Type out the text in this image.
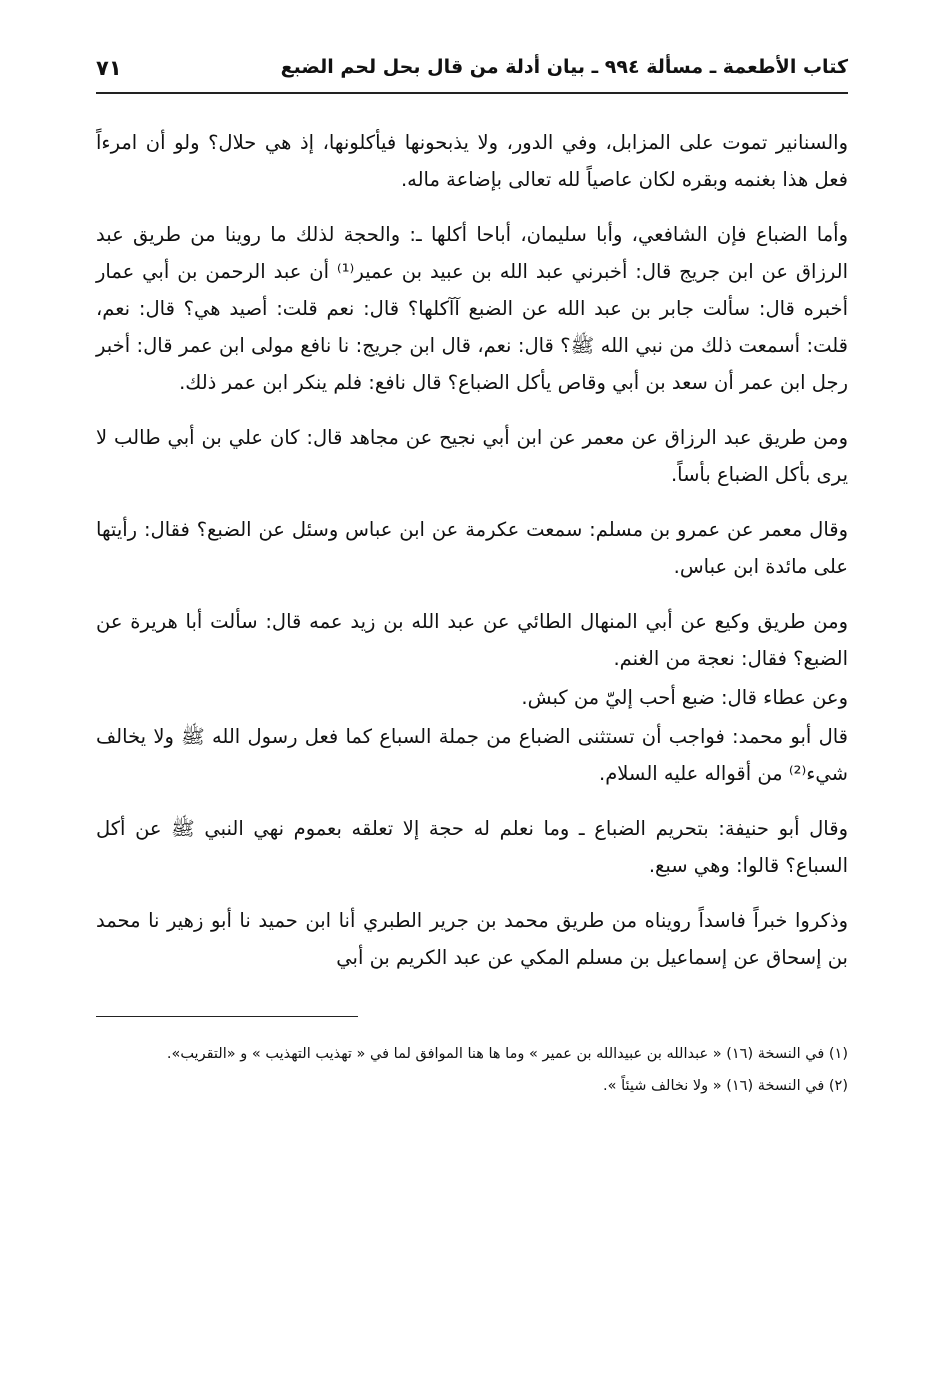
كتاب الأطعمة ـ مسألة ٩٩٤ ـ بيان أدلة من قال بحل لحم الضبع
٧١

والسنانير تموت على المزابل، وفي الدور، ولا يذبحونها فيأكلونها، إذ هي حلال؟ ولو أن امرءاً فعل هذا بغنمه وبقره لكان عاصياً لله تعالى بإضاعة ماله.

وأما الضباع فإن الشافعي، وأبا سليمان، أباحا أكلها ـ: والحجة لذلك ما روينا من طريق عبد الرزاق عن ابن جريج قال: أخبرني عبد الله بن عبيد بن عمير⁽¹⁾ أن عبد الرحمن بن أبي عمار أخبره قال: سألت جابر بن عبد الله عن الضبع آآكلها؟ قال: نعم قلت: أصيد هي؟ قال: نعم، قلت: أسمعت ذلك من نبي الله ﷺ؟ قال: نعم، قال ابن جريج: نا نافع مولى ابن عمر قال: أخبر رجل ابن عمر أن سعد بن أبي وقاص يأكل الضباع؟ قال نافع: فلم ينكر ابن عمر ذلك.

ومن طريق عبد الرزاق عن معمر عن ابن أبي نجيح عن مجاهد قال: كان علي بن أبي طالب لا يرى بأكل الضباع بأساً.

وقال معمر عن عمرو بن مسلم: سمعت عكرمة عن ابن عباس وسئل عن الضبع؟ فقال: رأيتها على مائدة ابن عباس.

ومن طريق وكيع عن أبي المنهال الطائي عن عبد الله بن زيد عمه قال: سألت أبا هريرة عن الضبع؟ فقال: نعجة من الغنم.

وعن عطاء قال: ضبع أحب إليّ من كبش.

قال أبو محمد: فواجب أن تستثنى الضباع من جملة السباع كما فعل رسول الله ﷺ ولا يخالف شيء⁽²⁾ من أقواله عليه السلام.

وقال أبو حنيفة: بتحريم الضباع ـ وما نعلم له حجة إلا تعلقه بعموم نهي النبي ﷺ عن أكل السباع؟ قالوا: وهي سبع.

وذكروا خبراً فاسداً رويناه من طريق محمد بن جرير الطبري أنا ابن حميد نا أبو زهير نا محمد بن إسحاق عن إسماعيل بن مسلم المكي عن عبد الكريم بن أبي

(١) في النسخة (١٦) « عبدالله بن عبيدالله بن عمير » وما ها هنا الموافق لما في « تهذيب التهذيب » و «التقريب».

(٢) في النسخة (١٦) « ولا نخالف شيئاً ».
